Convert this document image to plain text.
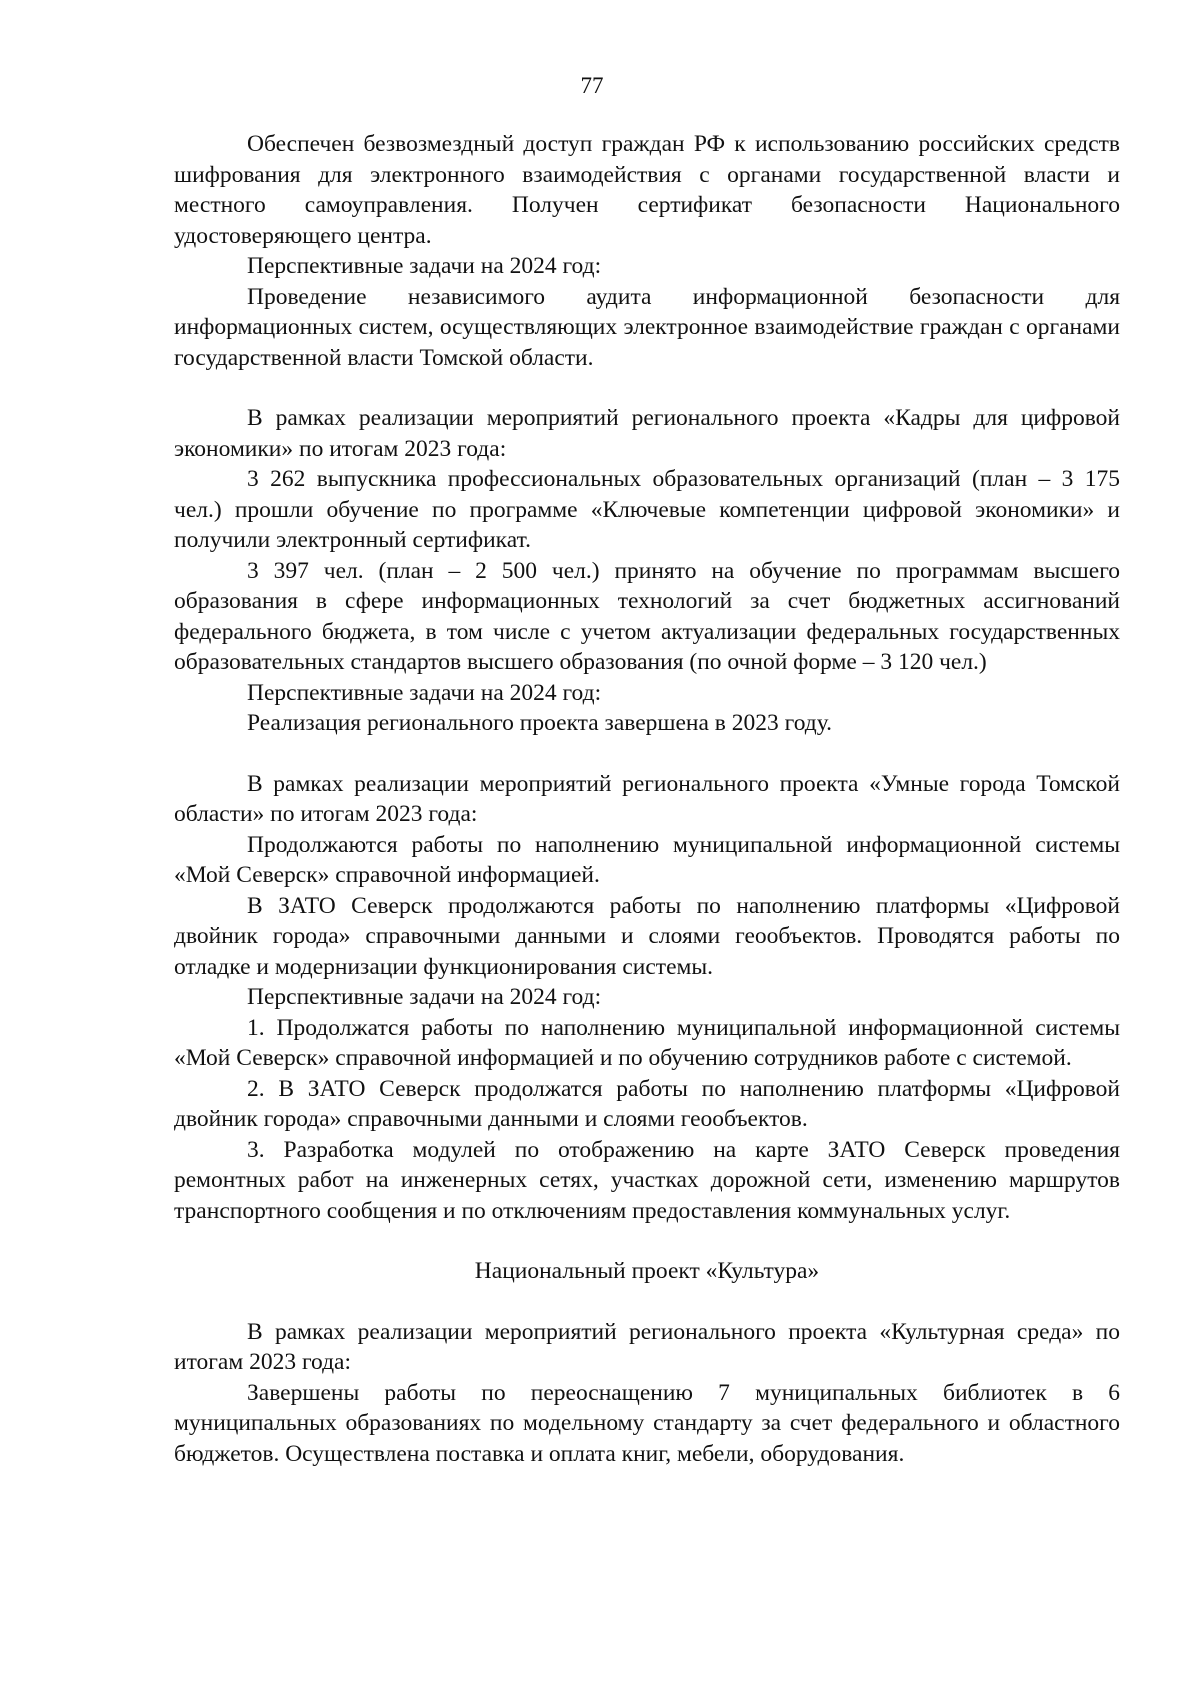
77

Обеспечен безвозмездный доступ граждан РФ к использованию российских средств шифрования для электронного взаимодействия с органами государственной власти и местного самоуправления. Получен сертификат безопасности Национального удостоверяющего центра.

Перспективные задачи на 2024 год:

Проведение независимого аудита информационной безопасности для информационных систем, осуществляющих электронное взаимодействие граждан с органами государственной власти Томской области.

В рамках реализации мероприятий регионального проекта «Кадры для цифровой экономики» по итогам 2023 года:

3 262 выпускника профессиональных образовательных организаций (план – 3 175 чел.) прошли обучение по программе «Ключевые компетенции цифровой экономики» и получили электронный сертификат.

3 397 чел. (план – 2 500 чел.) принято на обучение по программам высшего образования в сфере информационных технологий за счет бюджетных ассигнований федерального бюджета, в том числе с учетом актуализации федеральных государственных образовательных стандартов высшего образования (по очной форме – 3 120 чел.)

Перспективные задачи на 2024 год:

Реализация регионального проекта завершена в 2023 году.

В рамках реализации мероприятий регионального проекта «Умные города Томской области» по итогам 2023 года:

Продолжаются работы по наполнению муниципальной информационной системы «Мой Северск» справочной информацией.

В ЗАТО Северск продолжаются работы по наполнению платформы «Цифровой двойник города» справочными данными и слоями геообъектов. Проводятся работы по отладке и модернизации функционирования системы.

Перспективные задачи на 2024 год:

1. Продолжатся работы по наполнению муниципальной информационной системы «Мой Северск» справочной информацией и по обучению сотрудников работе с системой.

2. В ЗАТО Северск продолжатся работы по наполнению платформы «Цифровой двойник города» справочными данными и слоями геообъектов.

3. Разработка модулей по отображению на карте ЗАТО Северск проведения ремонтных работ на инженерных сетях, участках дорожной сети, изменению маршрутов транспортного сообщения и по отключениям предоставления коммунальных услуг.

Национальный проект «Культура»

В рамках реализации мероприятий регионального проекта «Культурная среда» по итогам 2023 года:

Завершены работы по переоснащению 7 муниципальных библиотек в 6 муниципальных образованиях по модельному стандарту за счет федерального и областного бюджетов. Осуществлена поставка и оплата книг, мебели, оборудования.
